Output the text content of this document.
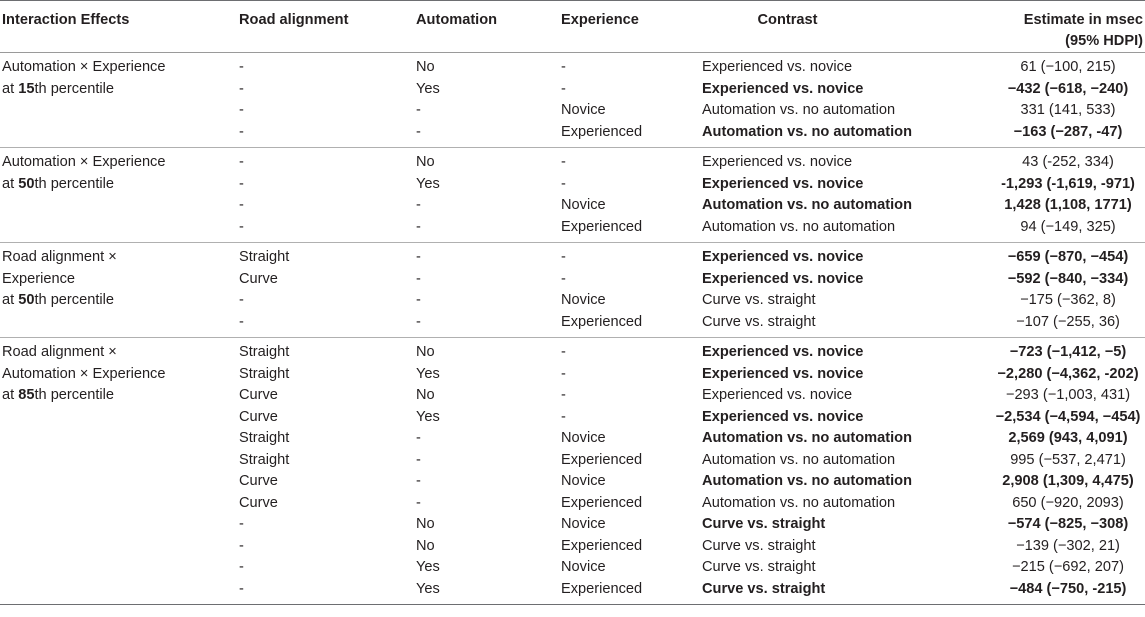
Interaction Effects	Road alignment	Automation	Experience	Contrast	Estimate in msec
(95% HDPI)
Automation × Experience
at 15th percentile	-	No	-	Experienced vs. novice	61 (−100, 215)
	-	Yes	-	Experienced vs. novice	−432 (−618, −240)
	-	-	Novice	Automation vs. no automation	331 (141, 533)
	-	-	Experienced	Automation vs. no automation	−163 (−287, -47)
Automation × Experience
at 50th percentile	-	No	-	Experienced vs. novice	43 (-252, 334)
	-	Yes	-	Experienced vs. novice	-1,293 (-1,619, -971)
	-	-	Novice	Automation vs. no automation	1,428 (1,108, 1771)
	-	-	Experienced	Automation vs. no automation	94 (−149, 325)
Road alignment ×
Experience
at 50th percentile	Straight	-	-	Experienced vs. novice	−659 (−870, −454)
	Curve	-	-	Experienced vs. novice	−592 (−840, −334)
	-	-	Novice	Curve vs. straight	−175 (−362, 8)
	-	-	Experienced	Curve vs. straight	−107 (−255, 36)
Road alignment ×
Automation × Experience
at 85th percentile	Straight	No	-	Experienced vs. novice	−723 (−1,412, −5)
	Straight	Yes	-	Experienced vs. novice	−2,280 (−4,362, -202)
	Curve	No	-	Experienced vs. novice	−293 (−1,003, 431)
	Curve	Yes	-	Experienced vs. novice	−2,534 (−4,594, −454)
	Straight	-	Novice	Automation vs. no automation	2,569 (943, 4,091)
	Straight	-	Experienced	Automation vs. no automation	995 (−537, 2,471)
	Curve	-	Novice	Automation vs. no automation	2,908 (1,309, 4,475)
	Curve	-	Experienced	Automation vs. no automation	650 (−920, 2093)
	-	No	Novice	Curve vs. straight	−574 (−825, −308)
	-	No	Experienced	Curve vs. straight	−139 (−302, 21)
	-	Yes	Novice	Curve vs. straight	−215 (−692, 207)
	-	Yes	Experienced	Curve vs. straight	−484 (−750, -215)
